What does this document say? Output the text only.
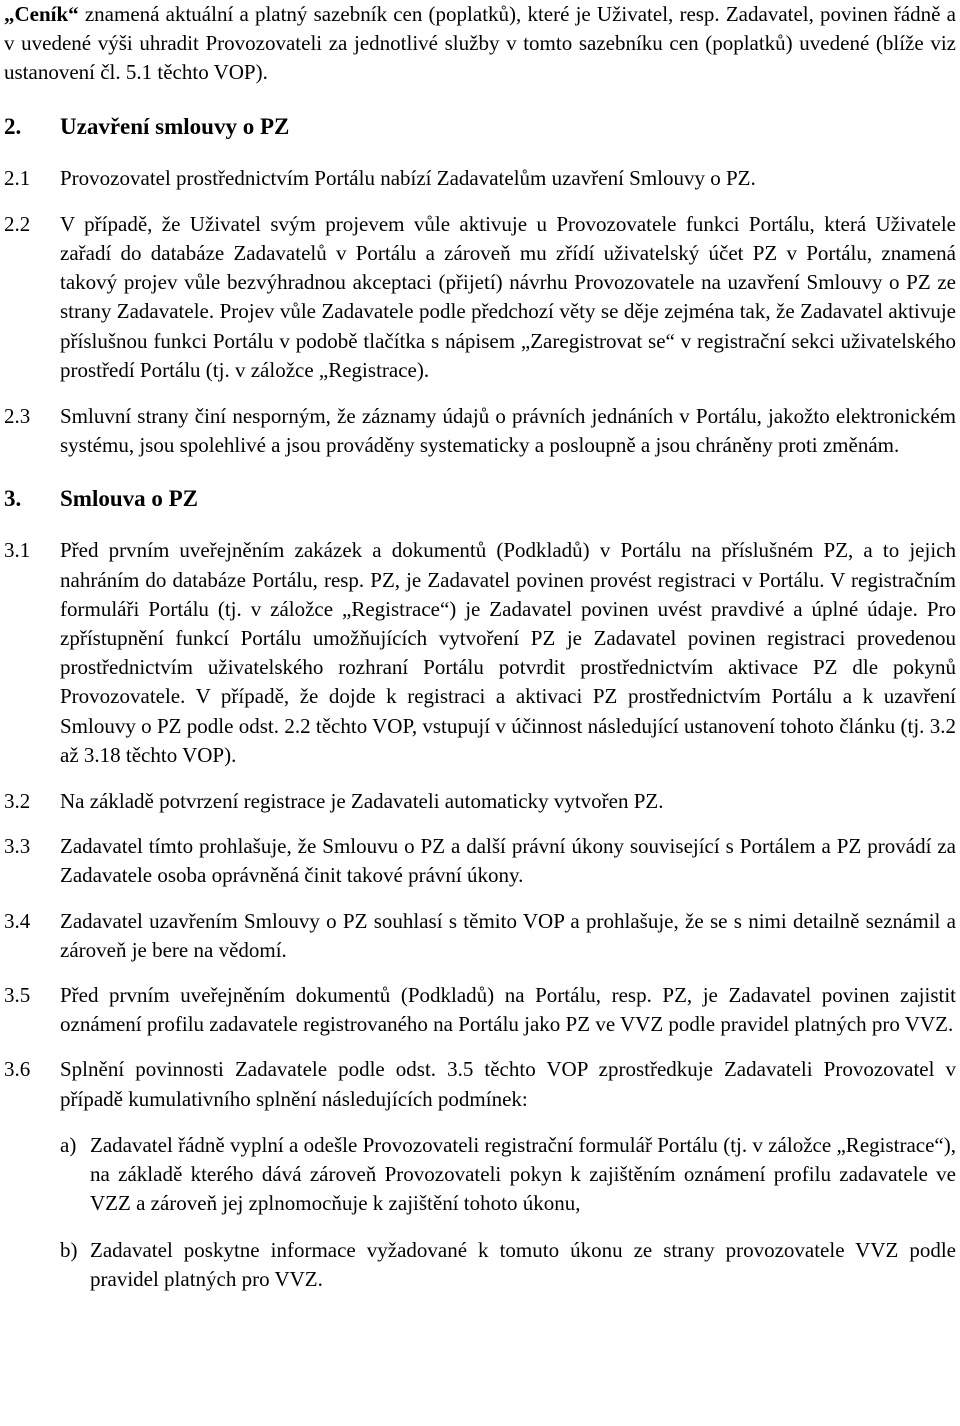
„Ceník“ znamená aktuální a platný sazebník cen (poplatků), které je Uživatel, resp. Zadavatel, povinen řádně a v uvedené výši uhradit Provozovateli za jednotlivé služby v tomto sazebníku cen (poplatků) uvedené (blíže viz ustanovení čl. 5.1 těchto VOP).

2.	Uzavření smlouvy o PZ
2.1	Provozovatel prostřednictvím Portálu nabízí Zadavatelům uzavření Smlouvy o PZ.
2.2	V případě, že Uživatel svým projevem vůle aktivuje u Provozovatele funkci Portálu, která Uživatele zařadí do databáze Zadavatelů v Portálu a zároveň mu zřídí uživatelský účet PZ v Portálu, znamená takový projev vůle bezvýhradnou akceptaci (přijetí) návrhu Provozovatele na uzavření Smlouvy o PZ ze strany Zadavatele. Projev vůle Zadavatele podle předchozí věty se děje zejména tak, že Zadavatel aktivuje příslušnou funkci Portálu v podobě tlačítka s nápisem „Zaregistrovat se“ v registrační sekci uživatelského prostředí Portálu (tj. v záložce „Registrace).
2.3	Smluvní strany činí nesporným, že záznamy údajů o právních jednáních v Portálu, jakožto elektronickém systému, jsou spolehlivé a jsou prováděny systematicky a posloupně a jsou chráněny proti změnám.
3.	Smlouva o PZ
3.1	Před prvním uveřejněním zakázek a dokumentů (Podkladů) v Portálu na příslušném PZ, a to jejich nahráním do databáze Portálu, resp. PZ, je Zadavatel povinen provést registraci v Portálu. V registračním formuláři Portálu (tj. v záložce „Registrace“) je Zadavatel povinen uvést pravdivé a úplné údaje. Pro zpřístupnění funkcí Portálu umožňujících vytvoření PZ je Zadavatel povinen registraci provedenou prostřednictvím uživatelského rozhraní Portálu potvrdit prostřednictvím aktivace PZ dle pokynů Provozovatele. V případě, že dojde k registraci a aktivaci PZ prostřednictvím Portálu a k uzavření Smlouvy o PZ podle odst. 2.2 těchto VOP, vstupují v účinnost následující ustanovení tohoto článku (tj. 3.2 až 3.18 těchto VOP).
3.2	Na základě potvrzení registrace je Zadavateli automaticky vytvořen PZ.
3.3	Zadavatel tímto prohlašuje, že Smlouvu o PZ a další právní úkony související s Portálem a PZ provádí za Zadavatele osoba oprávněná činit takové právní úkony.
3.4	Zadavatel uzavřením Smlouvy o PZ souhlasí s těmito VOP a prohlašuje, že se s nimi detailně seznámil a zároveň je bere na vědomí.
3.5	Před prvním uveřejněním dokumentů (Podkladů) na Portálu, resp. PZ, je Zadavatel povinen zajistit oznámení profilu zadavatele registrovaného na Portálu jako PZ ve VVZ podle pravidel platných pro VVZ.
3.6	Splnění povinnosti Zadavatele podle odst. 3.5 těchto VOP zprostředkuje Zadavateli Provozovatel v případě kumulativního splnění následujících podmínek:
a) Zadavatel řádně vyplní a odešle Provozovateli registrační formulář Portálu (tj. v záložce „Registrace“), na základě kterého dává zároveň Provozovateli pokyn k zajištěním oznámení profilu zadavatele ve VZZ a zároveň jej zplnomocňuje k zajištění tohoto úkonu,
b) Zadavatel poskytne informace vyžadované k tomuto úkonu ze strany provozovatele VVZ podle pravidel platných pro VVZ.
